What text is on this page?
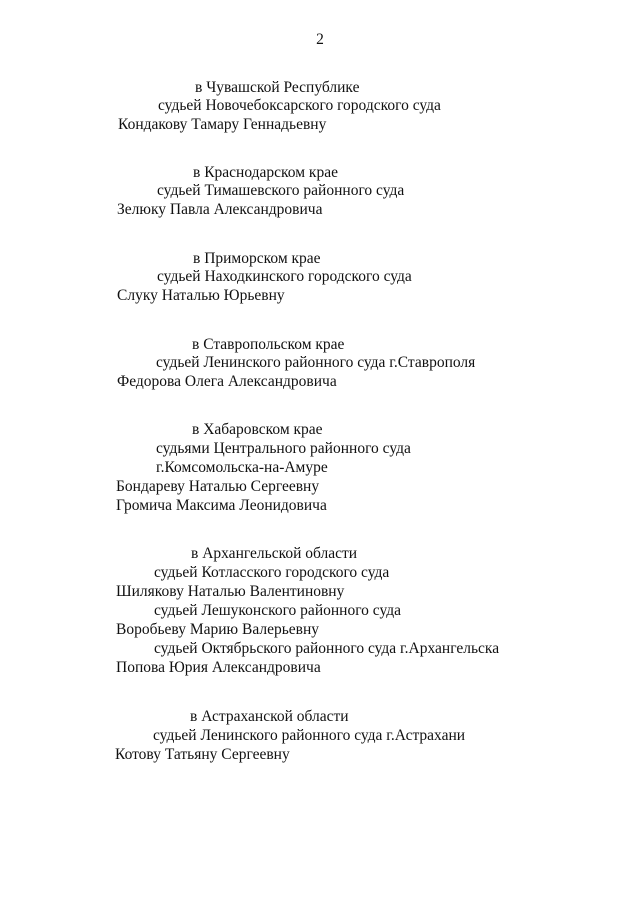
2
в Чувашской Республике
судьей Новочебоксарского городского суда
Кондакову Тамару Геннадьевну
в Краснодарском крае
судьей Тимашевского районного суда
Зелюку Павла Александровича
в Приморском крае
судьей Находкинского городского суда
Слуку Наталью Юрьевну
в Ставропольском крае
судьей Ленинского районного суда г.Ставрополя
Федорова Олега Александровича
в Хабаровском крае
судьями Центрального районного суда
г.Комсомольска-на-Амуре
Бондареву Наталью Сергеевну
Громича Максима Леонидовича
в Архангельской области
судьей Котласского городского суда
Шилякову Наталью Валентиновну
судьей Лешуконского районного суда
Воробьеву Марию Валерьевну
судьей Октябрьского районного суда г.Архангельска
Попова Юрия Александровича
в Астраханской области
судьей Ленинского районного суда г.Астрахани
Котову Татьяну Сергеевну
